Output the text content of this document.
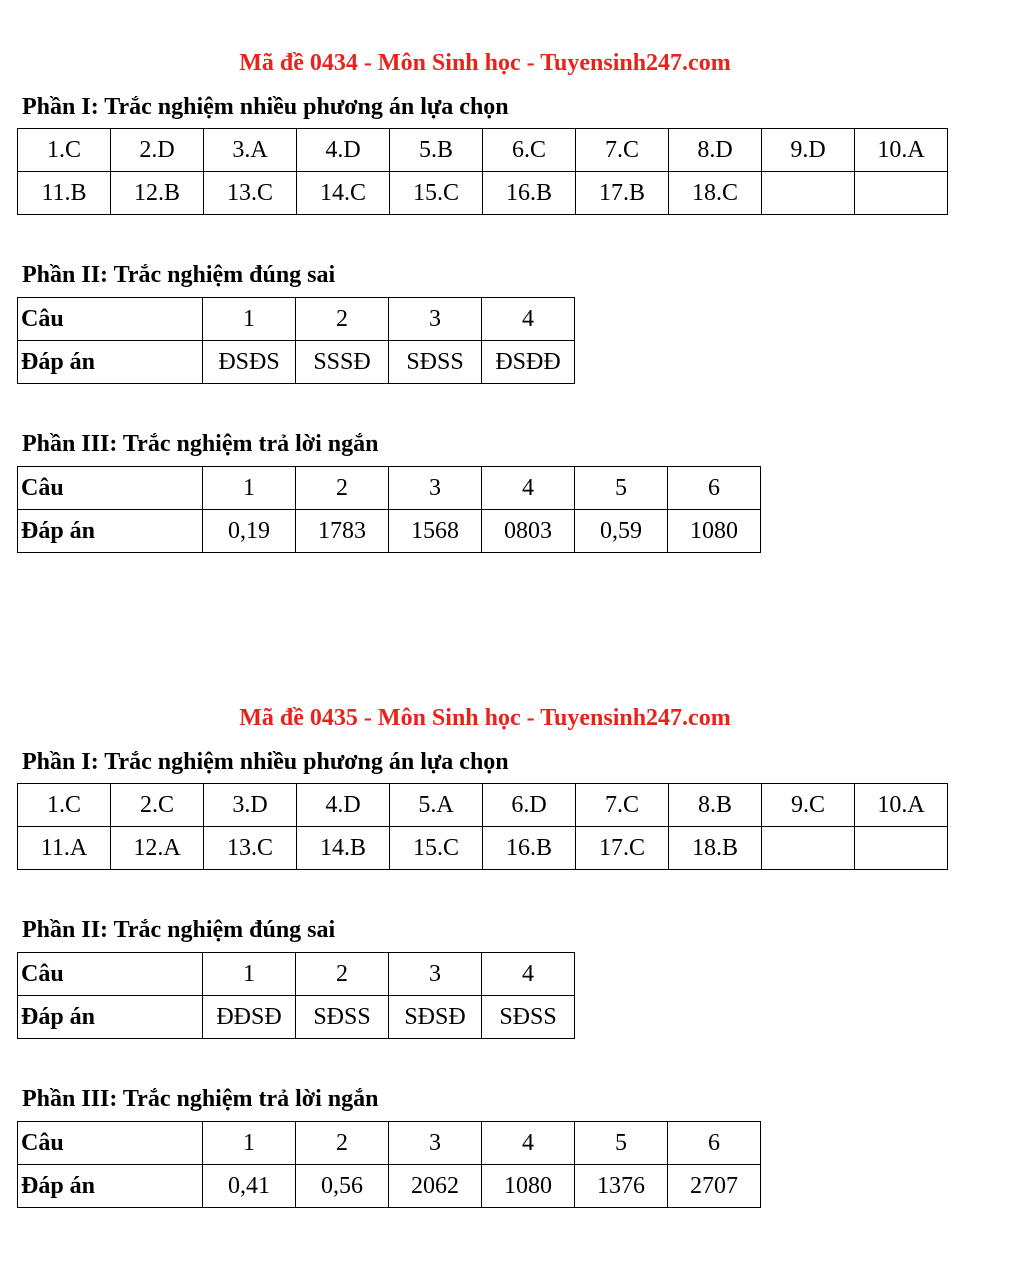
Mã đề 0434 - Môn Sinh học - Tuyensinh247.com
Phần I: Trắc nghiệm nhiều phương án lựa chọn
1.C	2.D	3.A	4.D	5.B	6.C	7.C	8.D	9.D	10.A
11.B	12.B	13.C	14.C	15.C	16.B	17.B	18.C		
Phần II: Trắc nghiệm đúng sai
Câu	1	2	3	4
Đáp án	ĐSĐS	SSSĐ	SĐSS	ĐSĐĐ
Phần III: Trắc nghiệm trả lời ngắn
Câu	1	2	3	4	5	6
Đáp án	0,19	1783	1568	0803	0,59	1080
Mã đề 0435 - Môn Sinh học - Tuyensinh247.com
Phần I: Trắc nghiệm nhiều phương án lựa chọn
1.C	2.C	3.D	4.D	5.A	6.D	7.C	8.B	9.C	10.A
11.A	12.A	13.C	14.B	15.C	16.B	17.C	18.B		
Phần II: Trắc nghiệm đúng sai
Câu	1	2	3	4
Đáp án	ĐĐSĐ	SĐSS	SĐSĐ	SĐSS
Phần III: Trắc nghiệm trả lời ngắn
Câu	1	2	3	4	5	6
Đáp án	0,41	0,56	2062	1080	1376	2707
